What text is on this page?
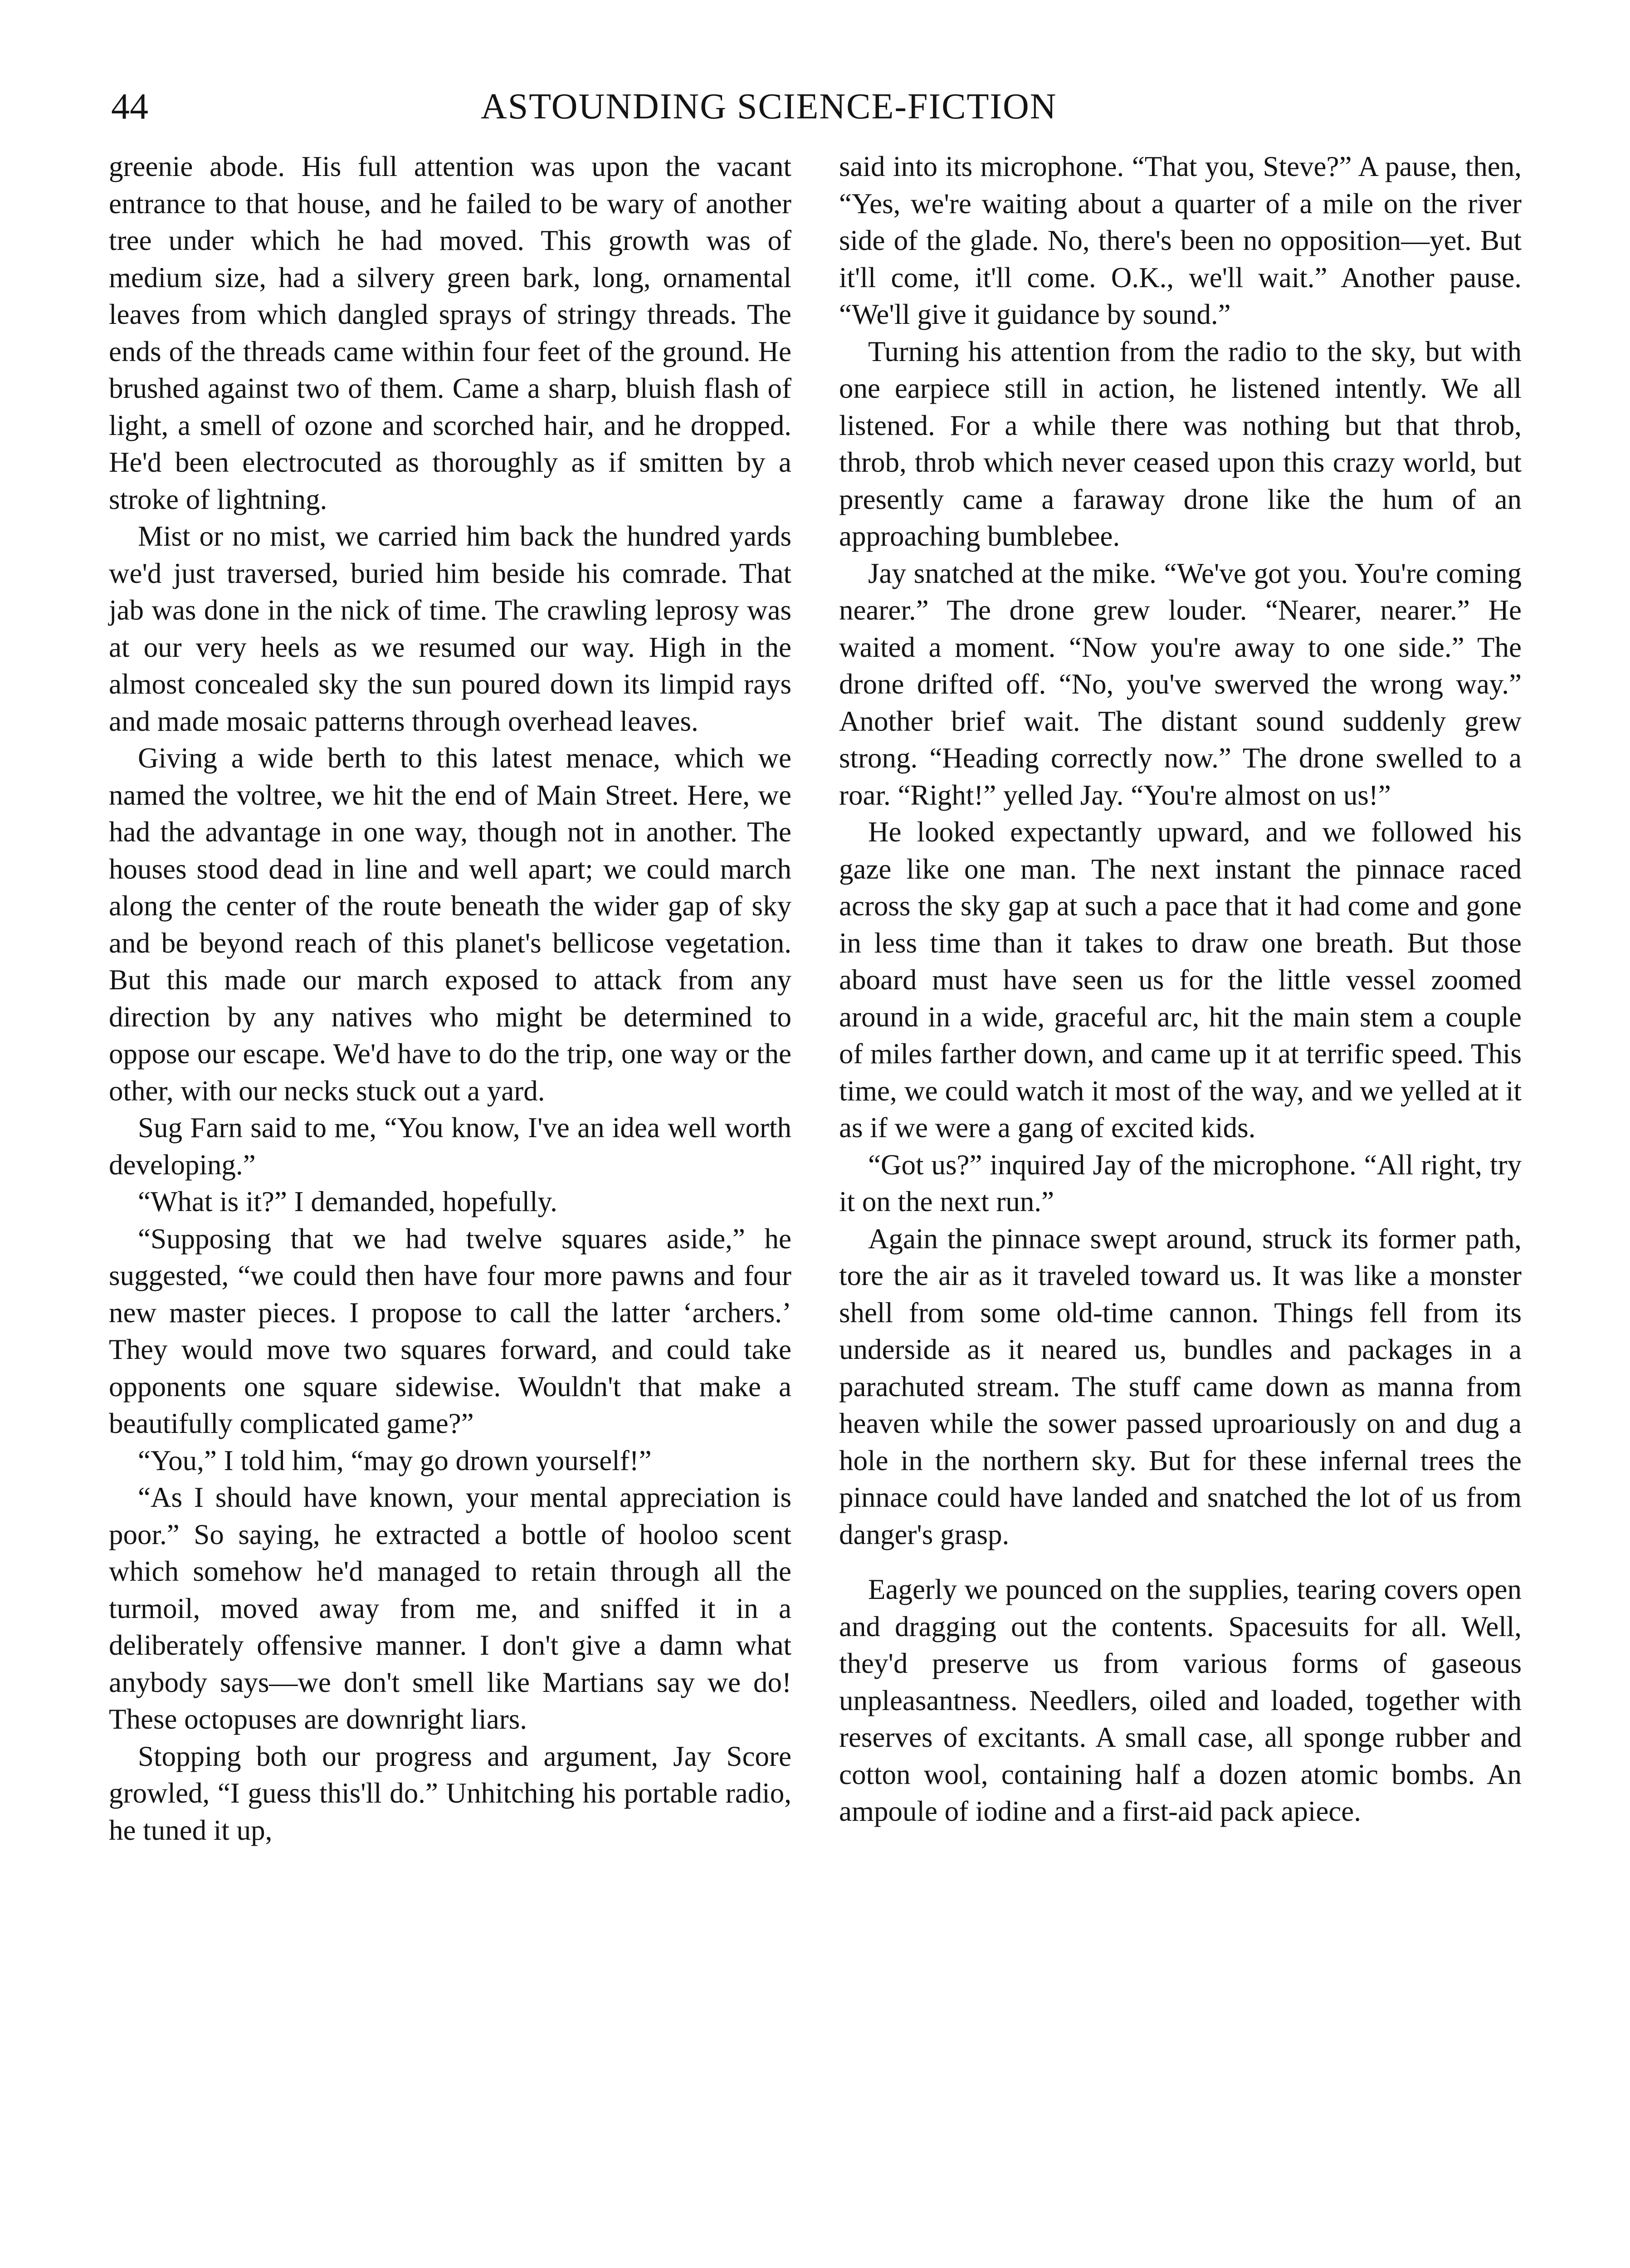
44	ASTOUNDING SCIENCE-FICTION

greenie abode. His full attention was upon the vacant entrance to that house, and he failed to be wary of another tree under which he had moved. This growth was of medium size, had a silvery green bark, long, ornamental leaves from which dangled sprays of stringy threads. The ends of the threads came within four feet of the ground. He brushed against two of them. Came a sharp, bluish flash of light, a smell of ozone and scorched hair, and he dropped. He'd been electrocuted as thoroughly as if smitten by a stroke of lightning.

Mist or no mist, we carried him back the hundred yards we'd just traversed, buried him beside his comrade. That jab was done in the nick of time. The crawling leprosy was at our very heels as we resumed our way. High in the almost concealed sky the sun poured down its limpid rays and made mosaic patterns through overhead leaves.

Giving a wide berth to this latest menace, which we named the voltree, we hit the end of Main Street. Here, we had the advantage in one way, though not in another. The houses stood dead in line and well apart; we could march along the center of the route beneath the wider gap of sky and be beyond reach of this planet's bellicose vegetation. But this made our march exposed to attack from any direction by any natives who might be determined to oppose our escape. We'd have to do the trip, one way or the other, with our necks stuck out a yard.

Sug Farn said to me, “You know, I've an idea well worth developing.”

“What is it?” I demanded, hopefully.

“Supposing that we had twelve squares aside,” he suggested, “we could then have four more pawns and four new master pieces. I propose to call the latter ‘archers.’ They would move two squares forward, and could take opponents one square sidewise. Wouldn't that make a beautifully complicated game?”

“You,” I told him, “may go drown yourself!”

“As I should have known, your mental appreciation is poor.” So saying, he extracted a bottle of hooloo scent which somehow he'd managed to retain through all the turmoil, moved away from me, and sniffed it in a deliberately offensive manner. I don't give a damn what anybody says—we don't smell like Martians say we do! These octopuses are downright liars.

Stopping both our progress and argument, Jay Score growled, “I guess this'll do.” Unhitching his portable radio, he tuned it up,

said into its microphone. “That you, Steve?” A pause, then, “Yes, we're waiting about a quarter of a mile on the river side of the glade. No, there's been no opposition—yet. But it'll come, it'll come. O.K., we'll wait.” Another pause. “We'll give it guidance by sound.”

Turning his attention from the radio to the sky, but with one earpiece still in action, he listened intently. We all listened. For a while there was nothing but that throb, throb, throb which never ceased upon this crazy world, but presently came a faraway drone like the hum of an approaching bumblebee.

Jay snatched at the mike. “We've got you. You're coming nearer.” The drone grew louder. “Nearer, nearer.” He waited a moment. “Now you're away to one side.” The drone drifted off. “No, you've swerved the wrong way.” Another brief wait. The distant sound suddenly grew strong. “Heading correctly now.” The drone swelled to a roar. “Right!” yelled Jay. “You're almost on us!”

He looked expectantly upward, and we followed his gaze like one man. The next instant the pinnace raced across the sky gap at such a pace that it had come and gone in less time than it takes to draw one breath. But those aboard must have seen us for the little vessel zoomed around in a wide, graceful arc, hit the main stem a couple of miles farther down, and came up it at terrific speed. This time, we could watch it most of the way, and we yelled at it as if we were a gang of excited kids.

“Got us?” inquired Jay of the microphone. “All right, try it on the next run.”

Again the pinnace swept around, struck its former path, tore the air as it traveled toward us. It was like a monster shell from some old-time cannon. Things fell from its underside as it neared us, bundles and packages in a parachuted stream. The stuff came down as manna from heaven while the sower passed uproariously on and dug a hole in the northern sky. But for these infernal trees the pinnace could have landed and snatched the lot of us from danger's grasp.

Eagerly we pounced on the supplies, tearing covers open and dragging out the contents. Spacesuits for all. Well, they'd preserve us from various forms of gaseous unpleasantness. Needlers, oiled and loaded, together with reserves of excitants. A small case, all sponge rubber and cotton wool, containing half a dozen atomic bombs. An ampoule of iodine and a first-aid pack apiece.
